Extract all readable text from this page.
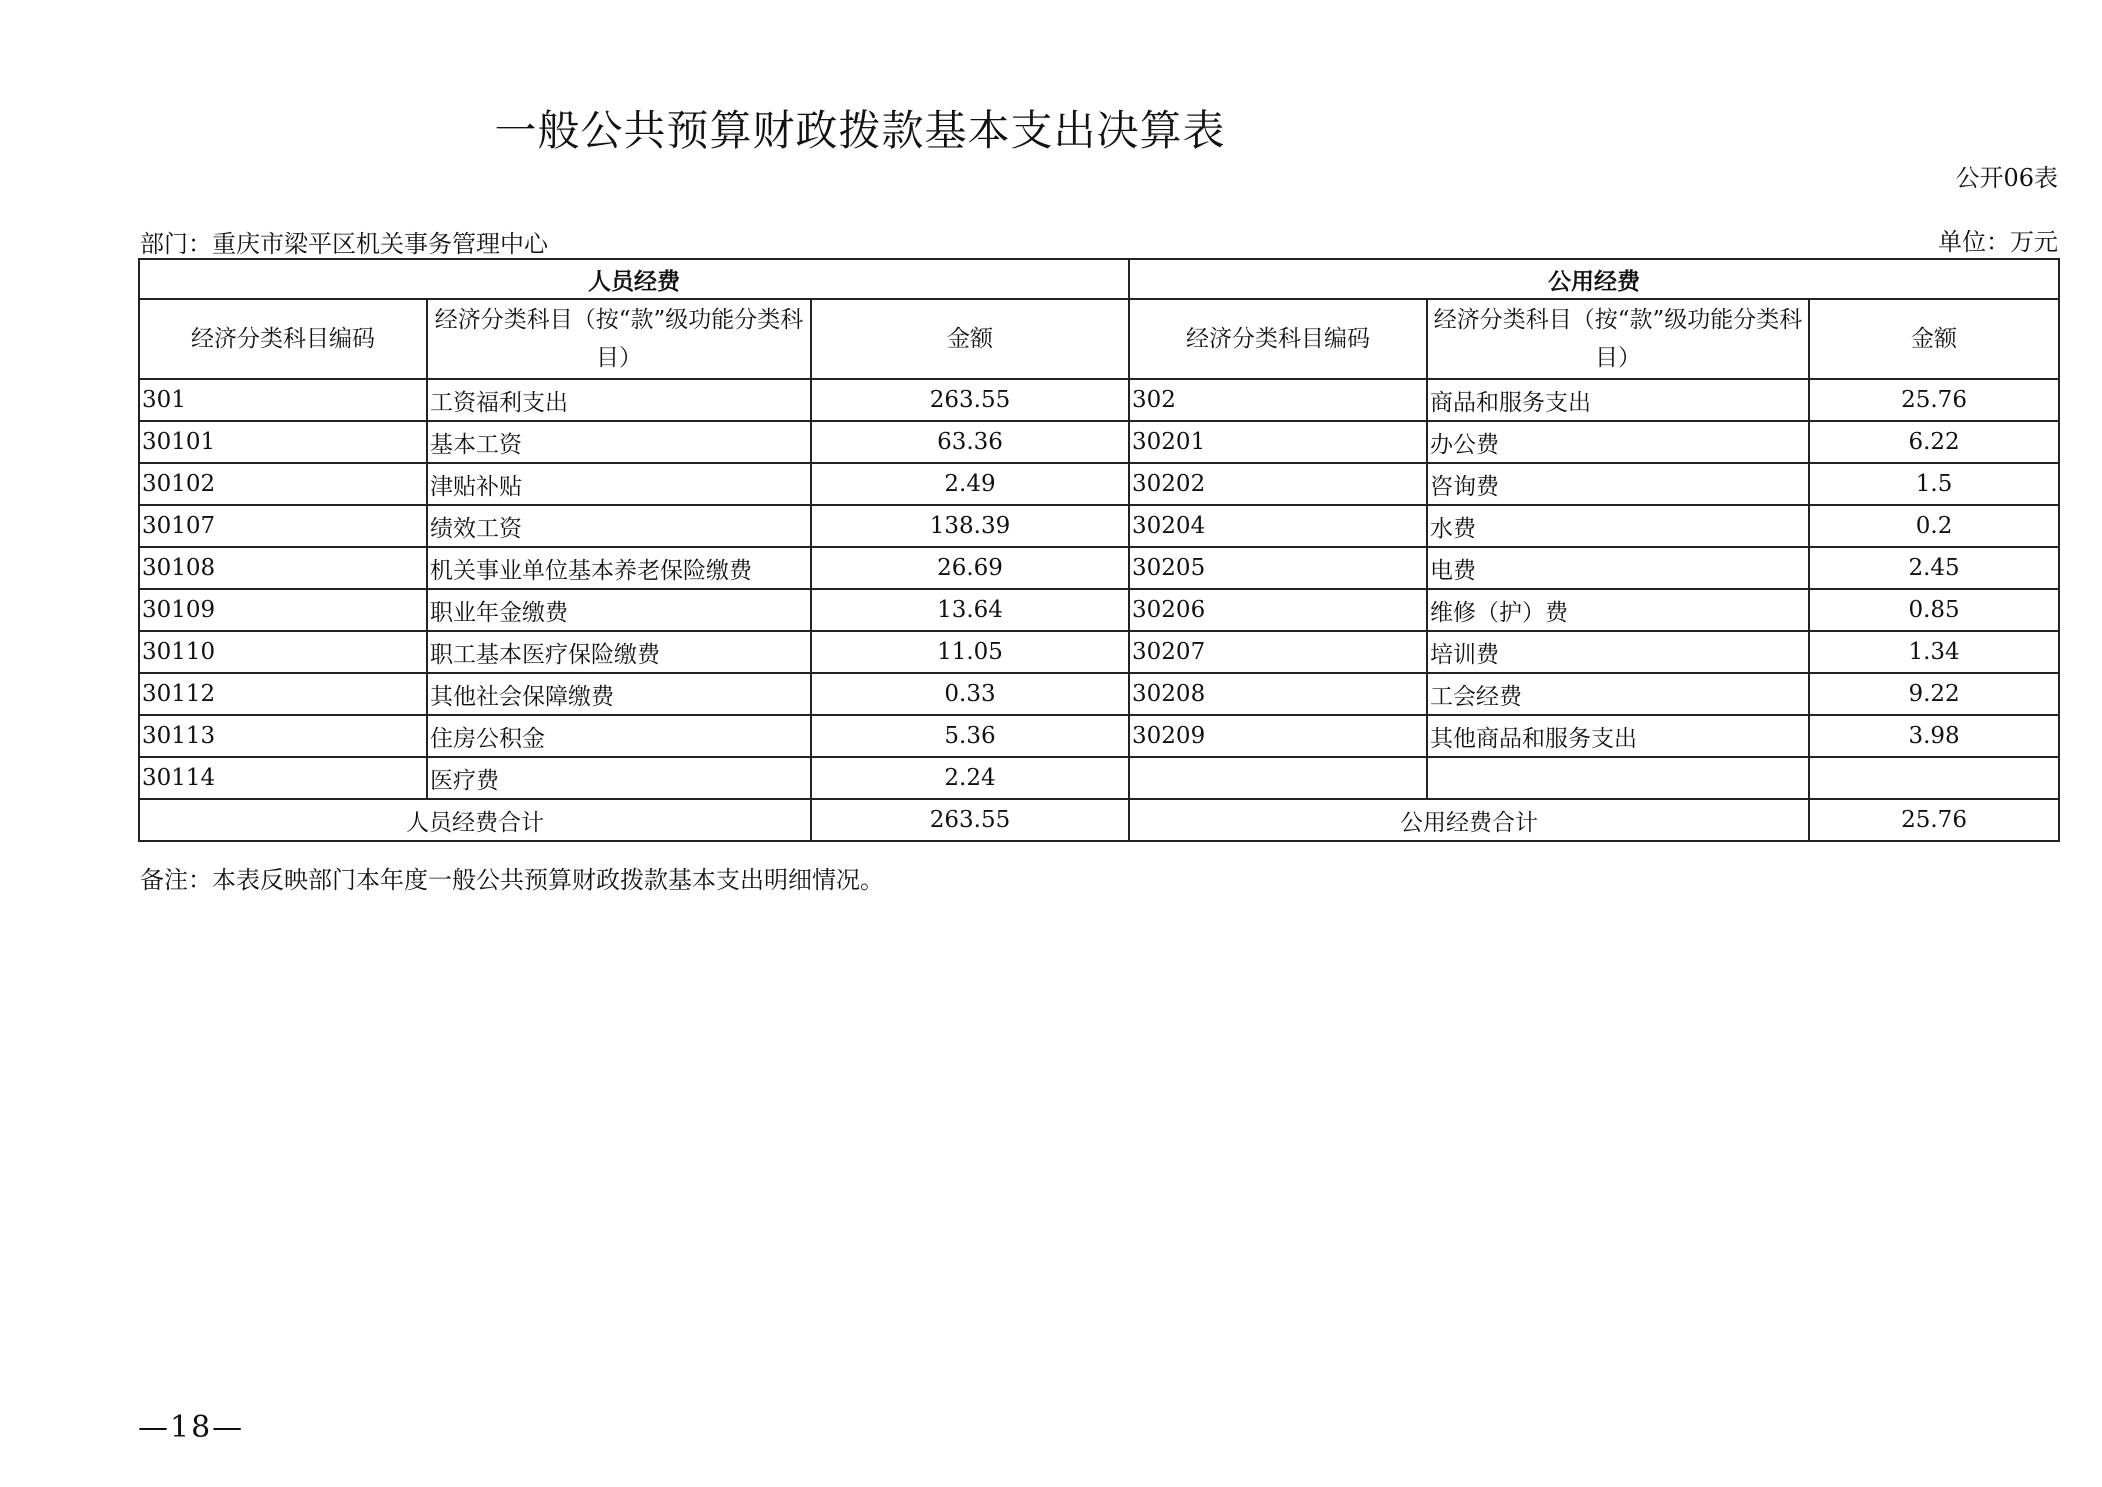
一般公共预算财政拨款基本支出决算表
公开06表
部门：重庆市梁平区机关事务管理中心	单位：万元
人员经费			公用经费		
经济分类科目编码	经济分类科目（按“款”级功能分类科目）	金额	经济分类科目编码	经济分类科目（按“款”级功能分类科目）	金额
301	工资福利支出	263.55	302	商品和服务支出	25.76
30101	基本工资	63.36	30201	办公费	6.22
30102	津贴补贴	2.49	30202	咨询费	1.5
30107	绩效工资	138.39	30204	水费	0.2
30108	机关事业单位基本养老保险缴费	26.69	30205	电费	2.45
30109	职业年金缴费	13.64	30206	维修（护）费	0.85
30110	职工基本医疗保险缴费	11.05	30207	培训费	1.34
30112	其他社会保障缴费	0.33	30208	工会经费	9.22
30113	住房公积金	5.36	30209	其他商品和服务支出	3.98
30114	医疗费	2.24			
人员经费合计		263.55	公用经费合计		25.76
备注：本表反映部门本年度一般公共预算财政拨款基本支出明细情况。
—18—
